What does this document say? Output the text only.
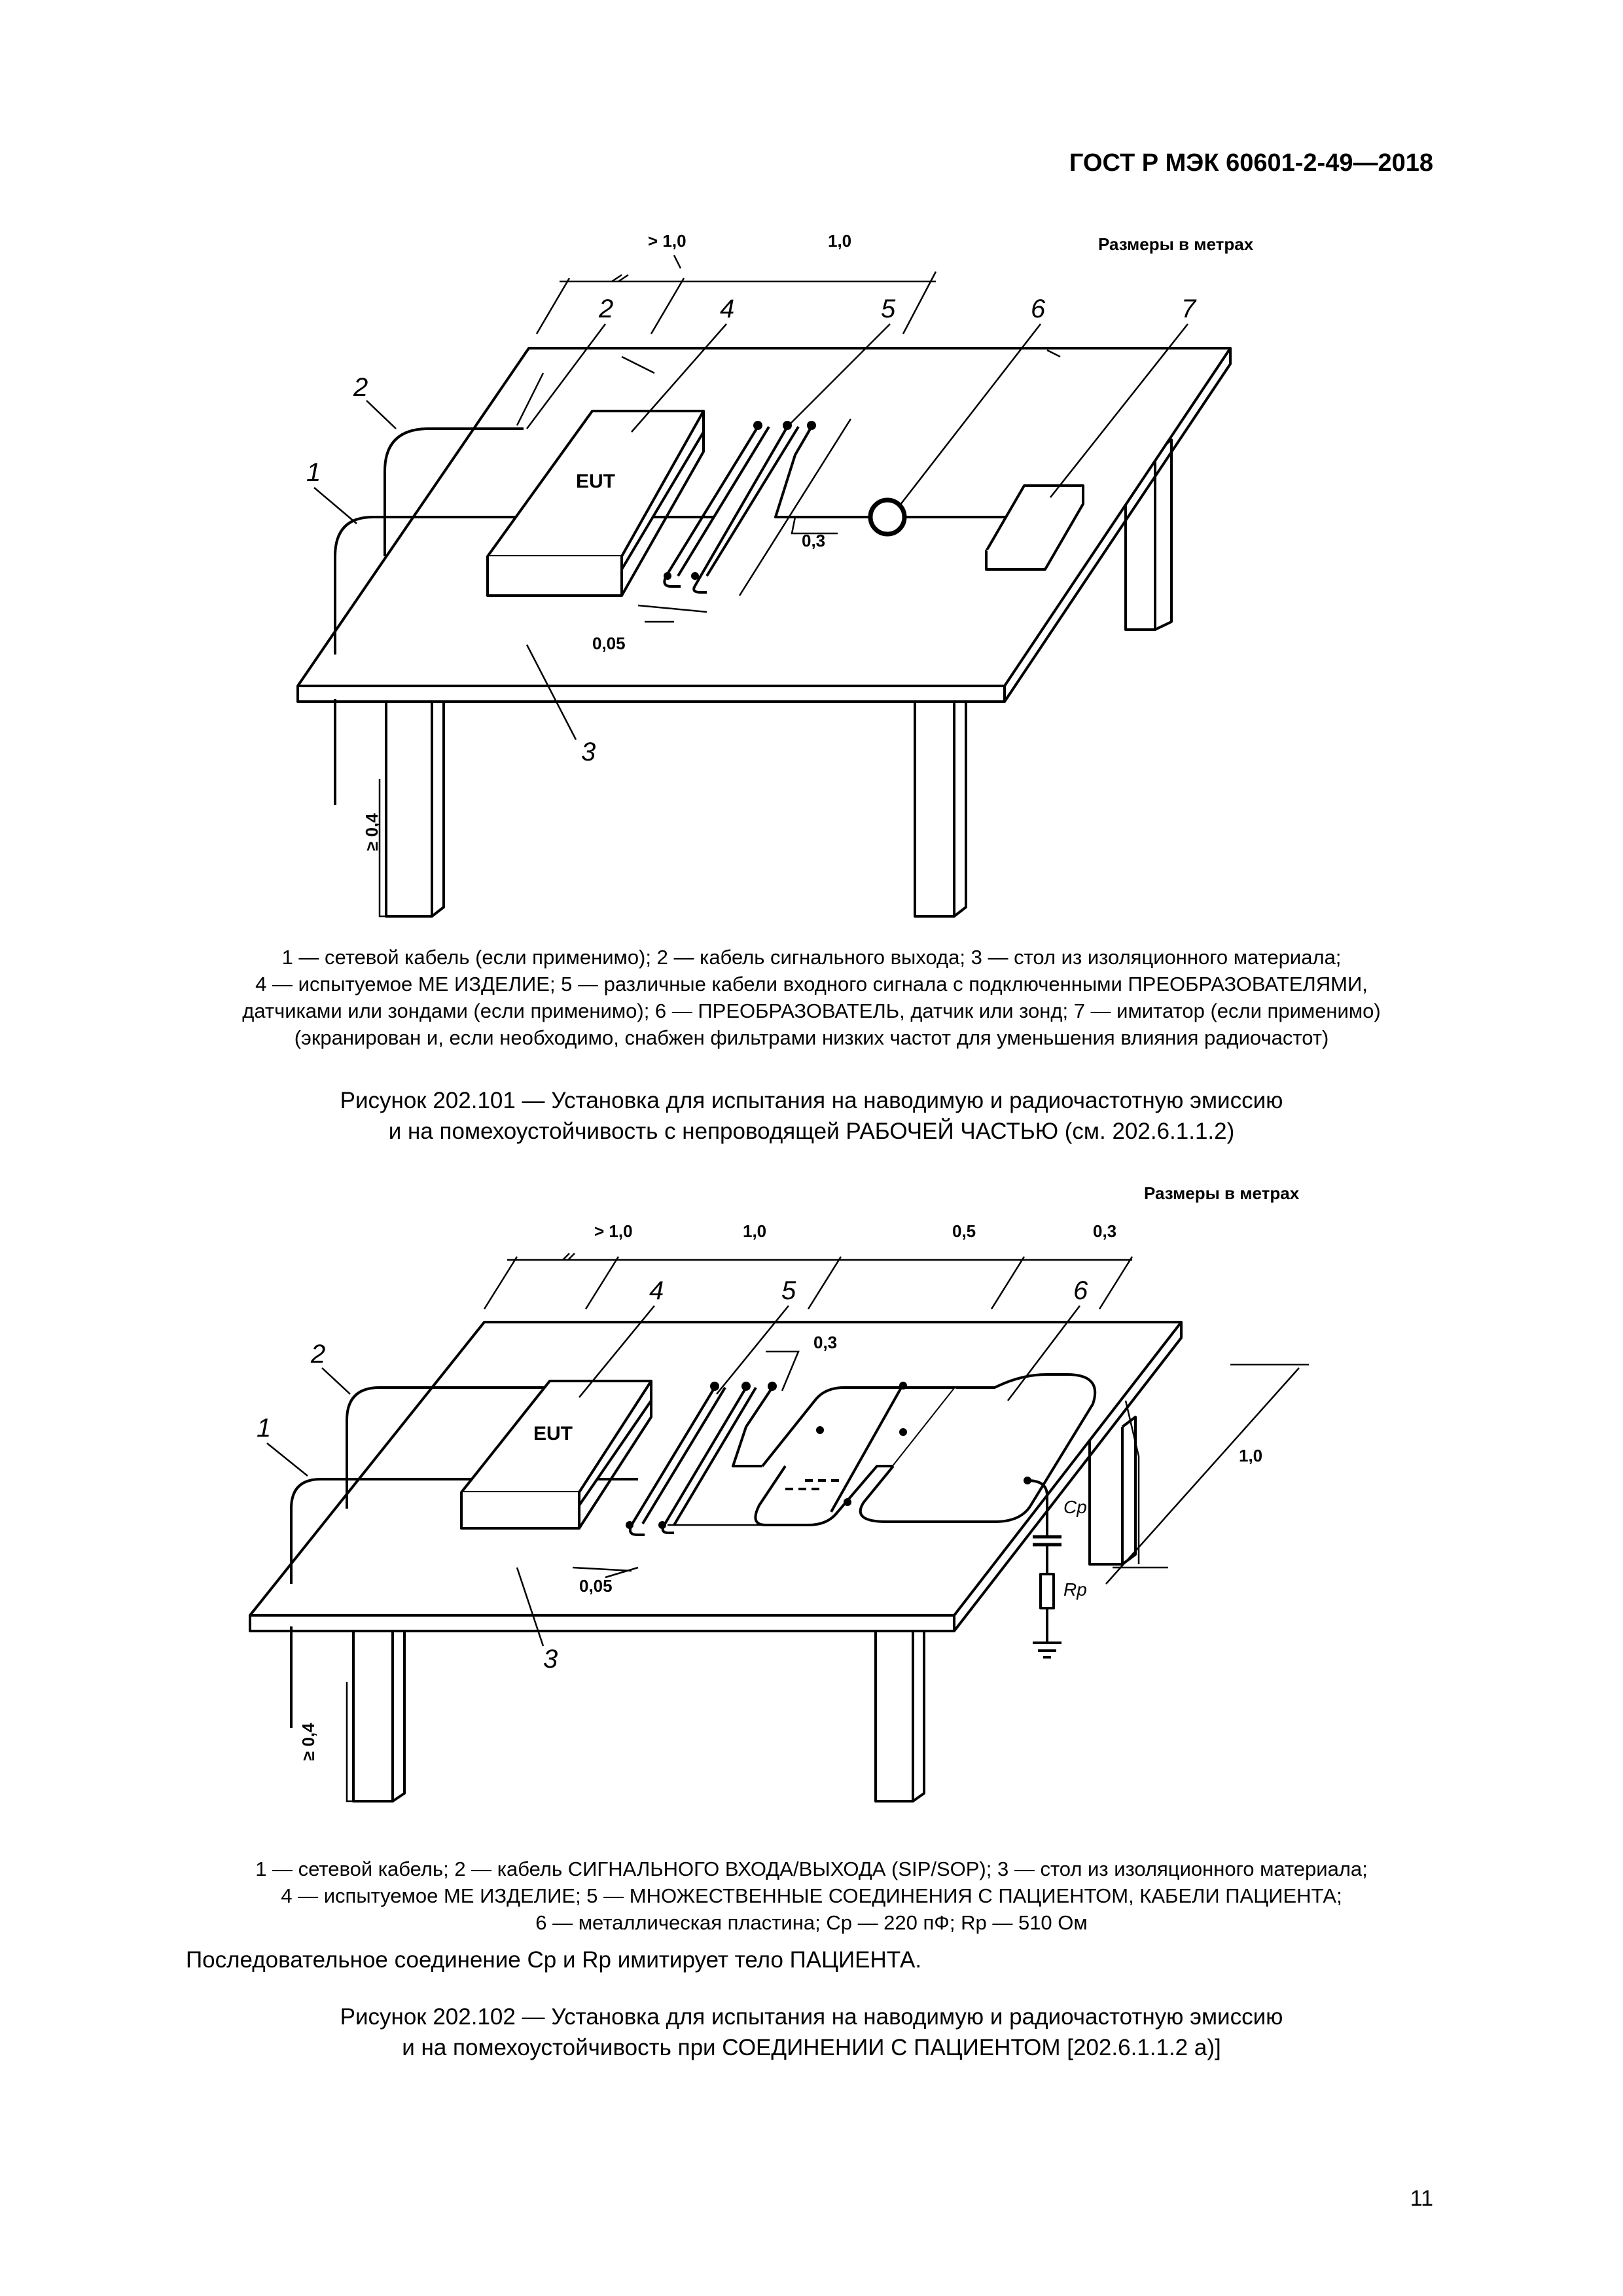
ГОСТ Р МЭК 60601-2-49—2018
Размеры в метрах
> 1,0	1,0
0,3
0,05
≥ 0,4
EUT
1
2
2
3
4	5	6	7

1 — сетевой кабель (если применимо); 2 — кабель сигнального выхода; 3 — стол из изоляционного материала;

4 — испытуемое МЕ ИЗДЕЛИЕ; 5 — различные кабели входного сигнала с подключенными ПРЕОБРАЗОВАТЕЛЯМИ,

датчиками или зондами (если применимо); 6 — ПРЕОБРАЗОВАТЕЛЬ, датчик или зонд; 7 — имитатор (если применимо)

(экранирован и, если необходимо, снабжен фильтрами низких частот для уменьшения влияния радиочастот)

Рисунок 202.101 — Установка для испытания на наводимую и радиочастотную эмиссию

и на помехоустойчивость с непроводящей РАБОЧЕЙ ЧАСТЬЮ (см. 202.6.1.1.2)

Размеры в метрах
> 1,0	1,0	0,5	0,3
0,3
1,0
0,05
≥ 0,4
EUT
Cp
Rp
1
2
3
4	5	6

1 — сетевой кабель; 2 — кабель СИГНАЛЬНОГО ВХОДА/ВЫХОДА (SIP/SOP); 3 — стол из изоляционного материала;

4 — испытуемое МЕ ИЗДЕЛИЕ; 5 — МНОЖЕСТВЕННЫЕ СОЕДИНЕНИЯ С ПАЦИЕНТОМ, КАБЕЛИ ПАЦИЕНТА;

6 — металлическая пластина; Cp — 220 пФ; Rp — 510 Ом

Последовательное соединение Cp и Rp имитирует тело ПАЦИЕНТА.

Рисунок 202.102 — Установка для испытания на наводимую и радиочастотную эмиссию

и на помехоустойчивость при СОЕДИНЕНИИ С ПАЦИЕНТОМ [202.6.1.1.2 а)]

11
